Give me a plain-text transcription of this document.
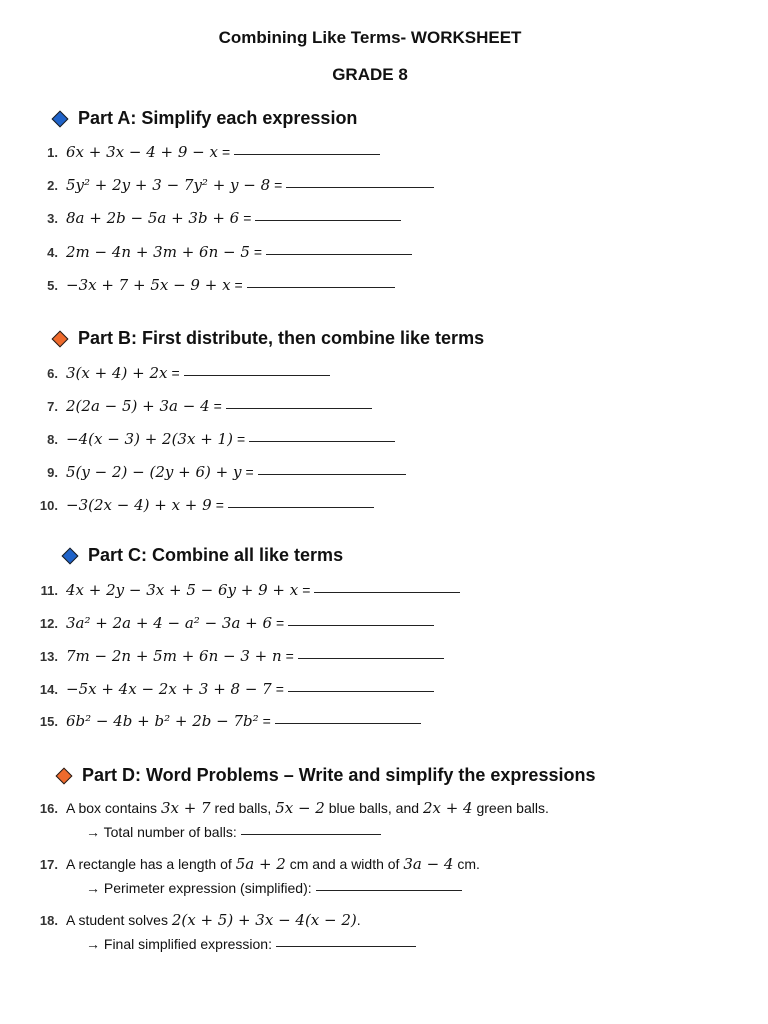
Combining Like Terms- WORKSHEET
GRADE 8
Part A: Simplify each expression
1. 6x + 3x − 4 + 9 − x =
2. 5y² + 2y + 3 − 7y² + y − 8 =
3. 8a + 2b − 5a + 3b + 6 =
4. 2m − 4n + 3m + 6n − 5 =
5. −3x + 7 + 5x − 9 + x =
Part B: First distribute, then combine like terms
6. 3(x + 4) + 2x =
7. 2(2a − 5) + 3a − 4 =
8. −4(x − 3) + 2(3x + 1) =
9. 5(y − 2) − (2y + 6) + y =
10. −3(2x − 4) + x + 9 =
Part C: Combine all like terms
11. 4x + 2y − 3x + 5 − 6y + 9 + x =
12. 3a² + 2a + 4 − a² − 3a + 6 =
13. 7m − 2n + 5m + 6n − 3 + n =
14. −5x + 4x − 2x + 3 + 8 − 7 =
15. 6b² − 4b + b² + 2b − 7b² =
Part D: Word Problems – Write and simplify the expressions
16. A box contains 3x + 7 red balls, 5x − 2 blue balls, and 2x + 4 green balls.
→ Total number of balls:
17. A rectangle has a length of 5a + 2 cm and a width of 3a − 4 cm.
→ Perimeter expression (simplified):
18. A student solves 2(x + 5) + 3x − 4(x − 2).
→ Final simplified expression:
